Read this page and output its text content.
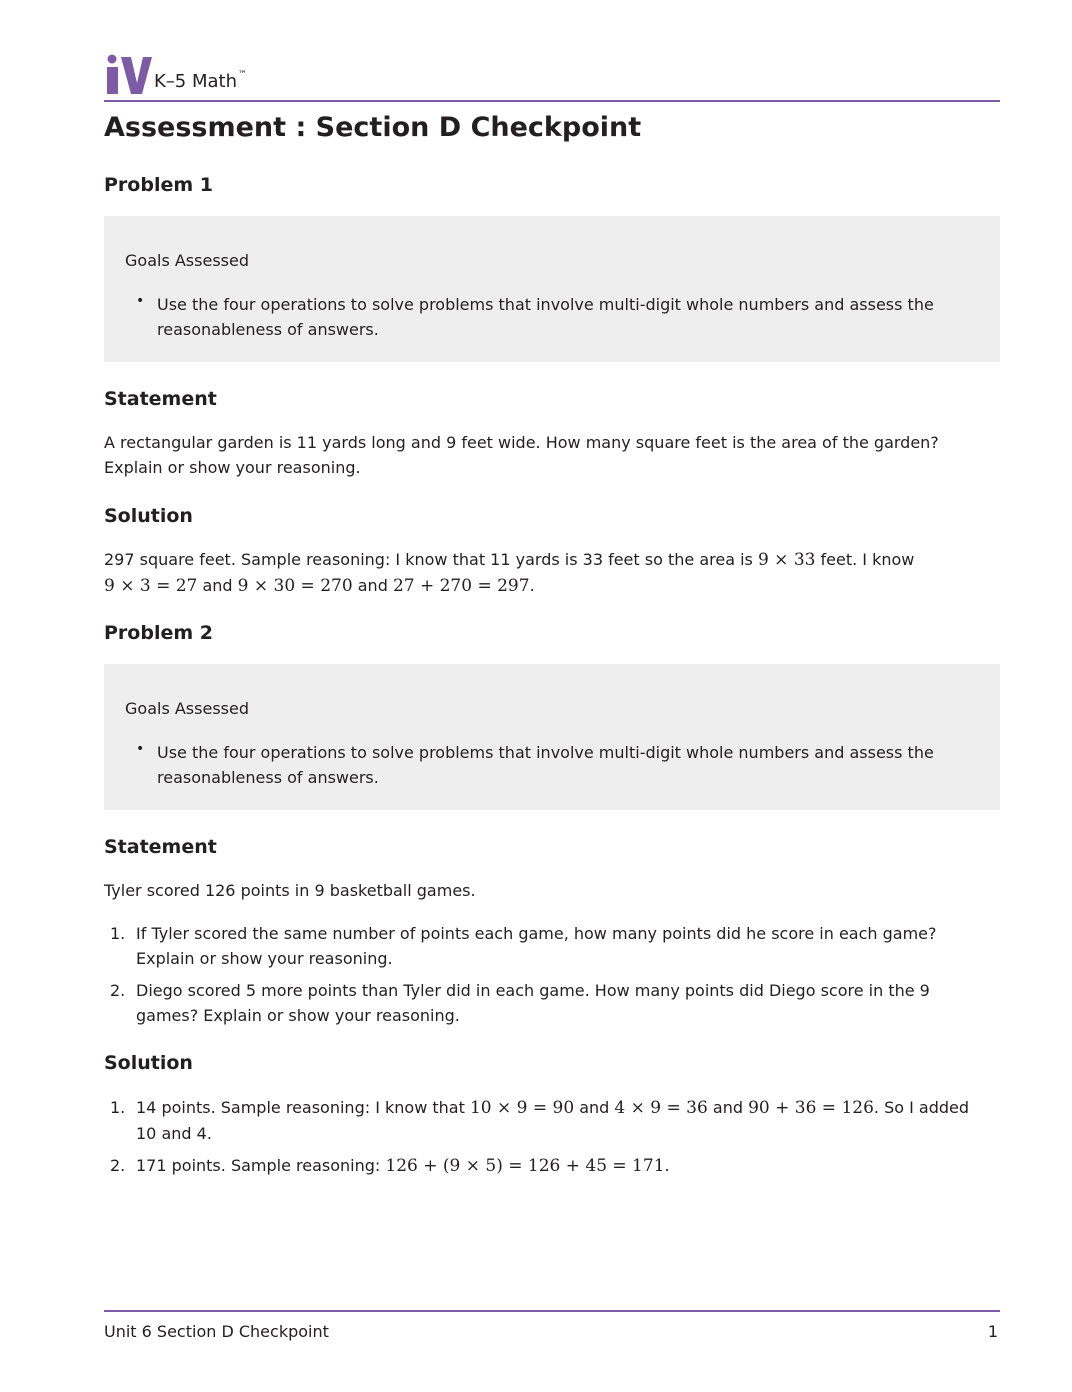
K–5 Math™
Assessment : Section D Checkpoint
Problem 1
Goals Assessed
• Use the four operations to solve problems that involve multi-digit whole numbers and assess the reasonableness of answers.
Statement
A rectangular garden is 11 yards long and 9 feet wide. How many square feet is the area of the garden? Explain or show your reasoning.
Solution
297 square feet. Sample reasoning: I know that 11 yards is 33 feet so the area is 9 × 33 feet. I know
9 × 3 = 27 and 9 × 30 = 270 and 27 + 270 = 297.
Problem 2
Goals Assessed
• Use the four operations to solve problems that involve multi-digit whole numbers and assess the reasonableness of answers.
Statement
Tyler scored 126 points in 9 basketball games.
1. If Tyler scored the same number of points each game, how many points did he score in each game? Explain or show your reasoning.
2. Diego scored 5 more points than Tyler did in each game. How many points did Diego score in the 9 games? Explain or show your reasoning.
Solution
1. 14 points. Sample reasoning: I know that 10 × 9 = 90 and 4 × 9 = 36 and 90 + 36 = 126. So I added 10 and 4.
2. 171 points. Sample reasoning: 126 + (9 × 5) = 126 + 45 = 171.
Unit 6 Section D Checkpoint	1
